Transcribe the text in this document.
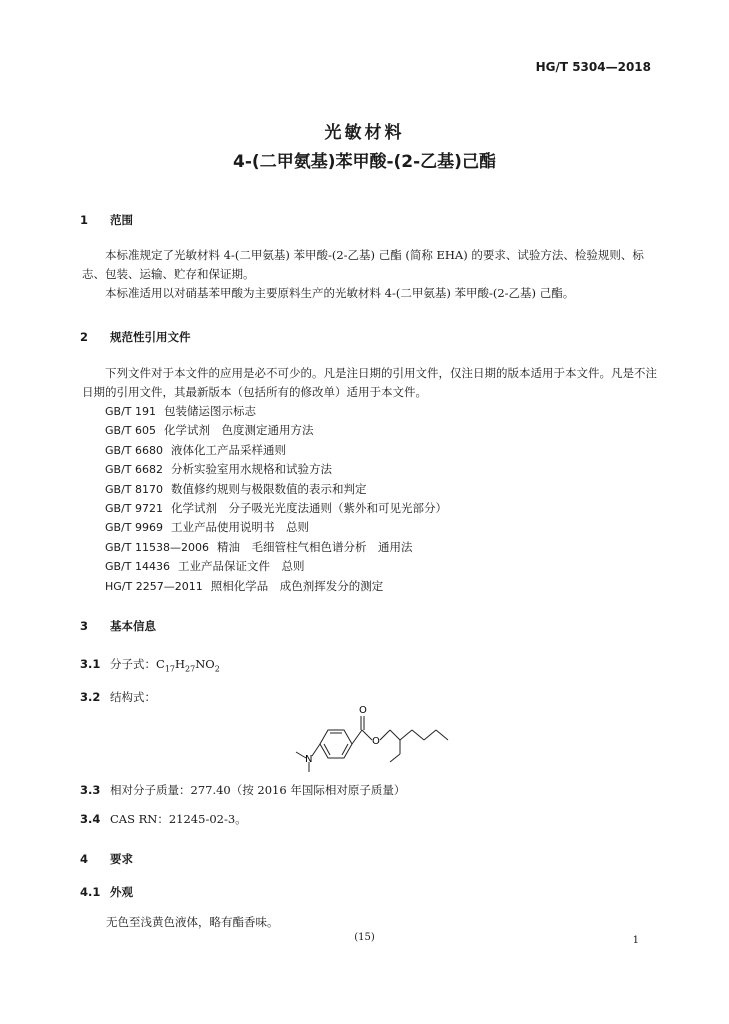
HG/T 5304—2018
光敏材料
4-(二甲氨基)苯甲酸-(2-乙基)己酯
1 范围

本标准规定了光敏材料 4-(二甲氨基) 苯甲酸-(2-乙基) 己酯 (简称 EHA) 的要求、试验方法、检验规则、标志、包装、运输、贮存和保证期。

本标准适用以对硝基苯甲酸为主要原料生产的光敏材料 4-(二甲氨基) 苯甲酸-(2-乙基) 己酯。

2 规范性引用文件

下列文件对于本文件的应用是必不可少的。凡是注日期的引用文件，仅注日期的版本适用于本文件。凡是不注日期的引用文件，其最新版本（包括所有的修改单）适用于本文件。

GB/T 191 包装储运图示标志
GB/T 605 化学试剂　色度测定通用方法
GB/T 6680 液体化工产品采样通则
GB/T 6682 分析实验室用水规格和试验方法
GB/T 8170 数值修约规则与极限数值的表示和判定
GB/T 9721 化学试剂　分子吸光光度法通则（紫外和可见光部分）
GB/T 9969 工业产品使用说明书　总则
GB/T 11538—2006 精油　毛细管柱气相色谱分析　通用法
GB/T 14436 工业产品保证文件　总则
HG/T 2257—2011 照相化学品　成色剂挥发分的测定
3 基本信息
3.1 分子式：$C_{17}H_{27}NO_2$
3.2 结构式：
O
O
N
3.3 相对分子质量：277.40（按 2016 年国际相对原子质量）
3.4 CAS RN：21245-02-3。
4 要求
4.1 外观
无色至浅黄色液体，略有酯香味。
(15)	1
